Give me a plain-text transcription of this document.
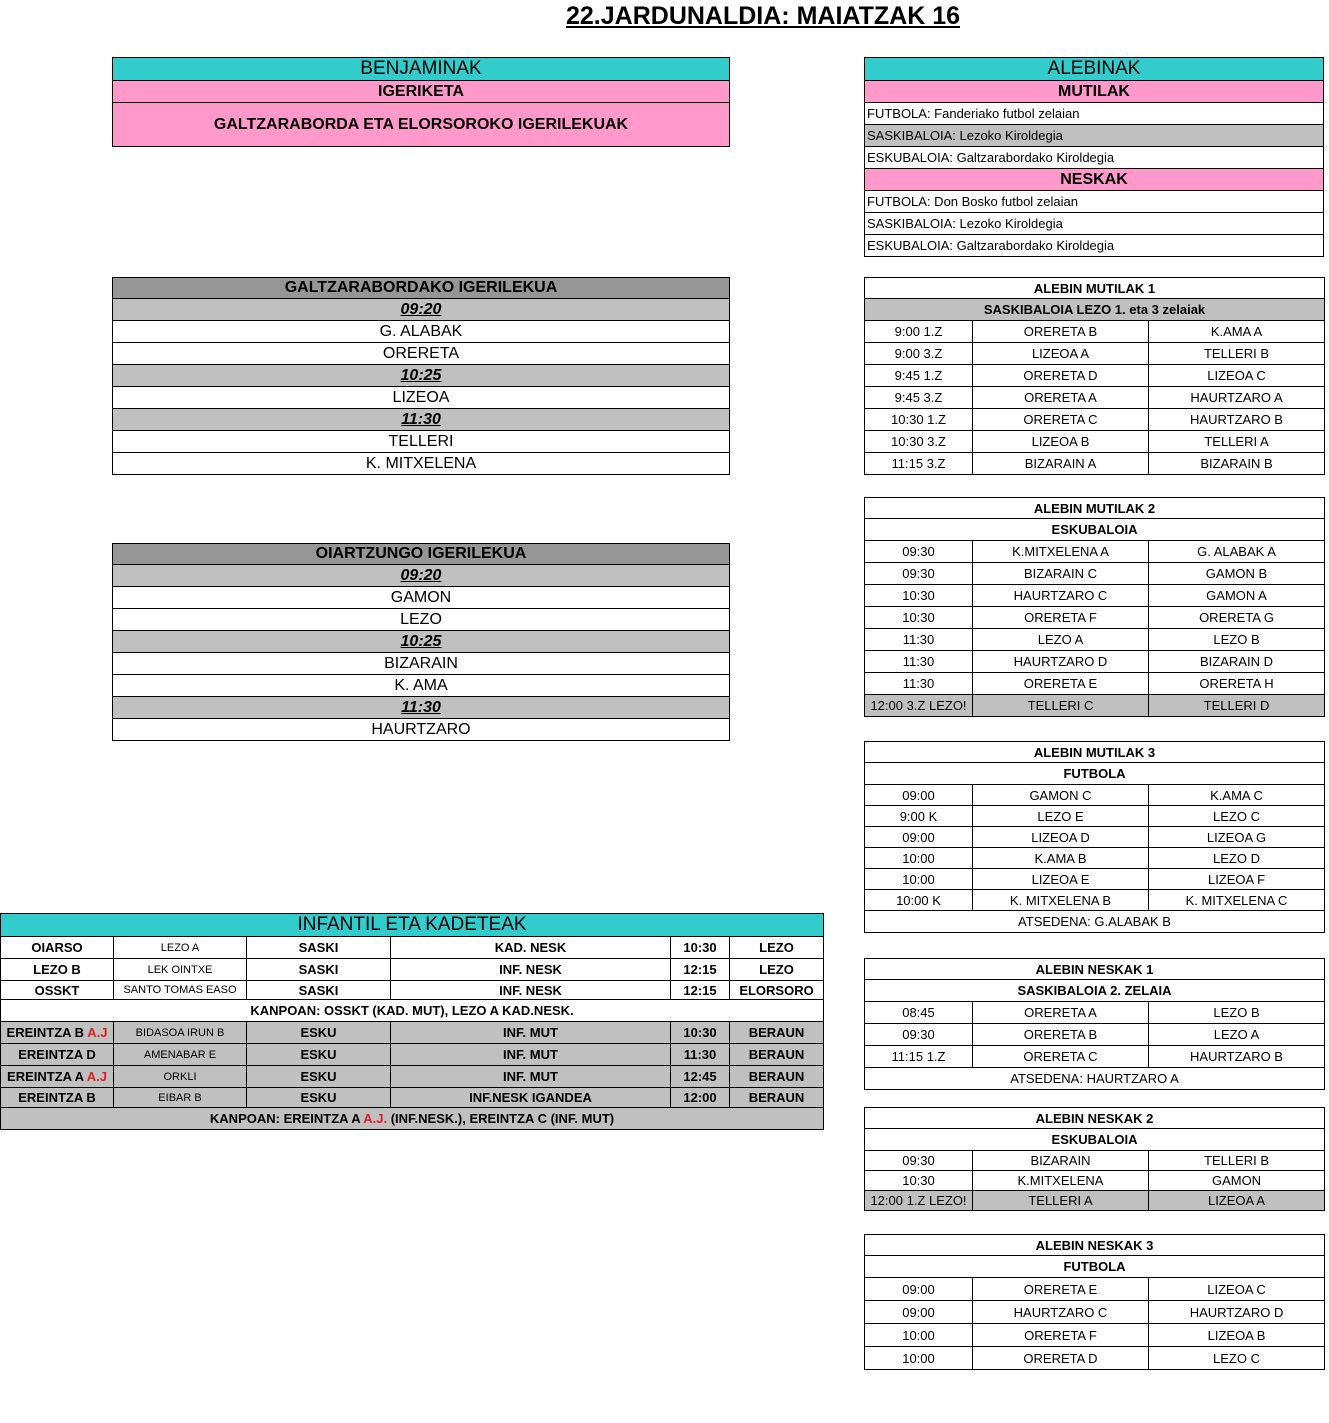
22.JARDUNALDIA: MAIATZAK 16
BENJAMINAK
IGERIKETA
GALTZARABORDA ETA ELORSOROKO IGERILEKUAK
GALTZARABORDAKO IGERILEKUA
09:20
G. ALABAK
ORERETA
10:25
LIZEOA
11:30
TELLERI
K. MITXELENA
OIARTZUNGO IGERILEKUA
09:20
GAMON
LEZO
10:25
BIZARAIN
K. AMA
11:30
HAURTZARO
ALEBINAK
MUTILAK
FUTBOLA: Fanderiako futbol zelaian
SASKIBALOIA: Lezoko Kiroldegia
ESKUBALOIA: Galtzarabordako Kiroldegia
NESKAK
FUTBOLA: Don Bosko futbol zelaian
SASKIBALOIA: Lezoko Kiroldegia
ESKUBALOIA: Galtzarabordako Kiroldegia
ALEBIN MUTILAK 1		
SASKIBALOIA LEZO 1. eta 3 zelaiak		
9:00 1.Z	ORERETA B	K.AMA A
9:00 3.Z	LIZEOA A	TELLERI B
9:45 1.Z	ORERETA D	LIZEOA C
9:45 3.Z	ORERETA A	HAURTZARO A
10:30 1.Z	ORERETA C	HAURTZARO B
10:30 3.Z	LIZEOA B	TELLERI A
11:15 3.Z	BIZARAIN A	BIZARAIN B
ALEBIN MUTILAK 2		
ESKUBALOIA		
09:30	K.MITXELENA A	G. ALABAK A
09:30	BIZARAIN C	GAMON B
10:30	HAURTZARO C	GAMON A
10:30	ORERETA F	ORERETA G
11:30	LEZO A	LEZO B
11:30	HAURTZARO D	BIZARAIN D
11:30	ORERETA E	ORERETA H
12:00 3.Z LEZO!	TELLERI C	TELLERI D
ALEBIN MUTILAK 3		
FUTBOLA		
09:00	GAMON C	K.AMA C
9:00 K	LEZO E	LEZO C
09:00	LIZEOA D	LIZEOA G
10:00	K.AMA B	LEZO D
10:00	LIZEOA E	LIZEOA F
10:00 K	K. MITXELENA B	K. MITXELENA C
ATSEDENA: G.ALABAK B		
ALEBIN NESKAK 1		
SASKIBALOIA 2. ZELAIA		
08:45	ORERETA A	LEZO B
09:30	ORERETA B	LEZO A
11:15 1.Z	ORERETA C	HAURTZARO B
ATSEDENA: HAURTZARO A		
ALEBIN NESKAK 2		
ESKUBALOIA		
09:30	BIZARAIN	TELLERI B
10:30	K.MITXELENA	GAMON
12:00 1.Z LEZO!	TELLERI A	LIZEOA A
ALEBIN NESKAK 3		
FUTBOLA		
09:00	ORERETA E	LIZEOA C
09:00	HAURTZARO C	HAURTZARO D
10:00	ORERETA F	LIZEOA B
10:00	ORERETA D	LEZO C
INFANTIL ETA KADETEAK					
OIARSO	LEZO A	SASKI	KAD. NESK	10:30	LEZO
LEZO B	LEK OINTXE	SASKI	INF. NESK	12:15	LEZO
OSSKT	SANTO TOMAS EASO	SASKI	INF. NESK	12:15	ELORSORO
KANPOAN: OSSKT (KAD. MUT), LEZO A KAD.NESK.					
EREINTZA B A.J	BIDASOA IRUN B	ESKU	INF. MUT	10:30	BERAUN
EREINTZA D	AMENABAR E	ESKU	INF. MUT	11:30	BERAUN
EREINTZA A A.J	ORKLI	ESKU	INF. MUT	12:45	BERAUN
EREINTZA B	EIBAR B	ESKU	INF.NESK IGANDEA	12:00	BERAUN
KANPOAN: EREINTZA A A.J. (INF.NESK.), EREINTZA C (INF. MUT)					
